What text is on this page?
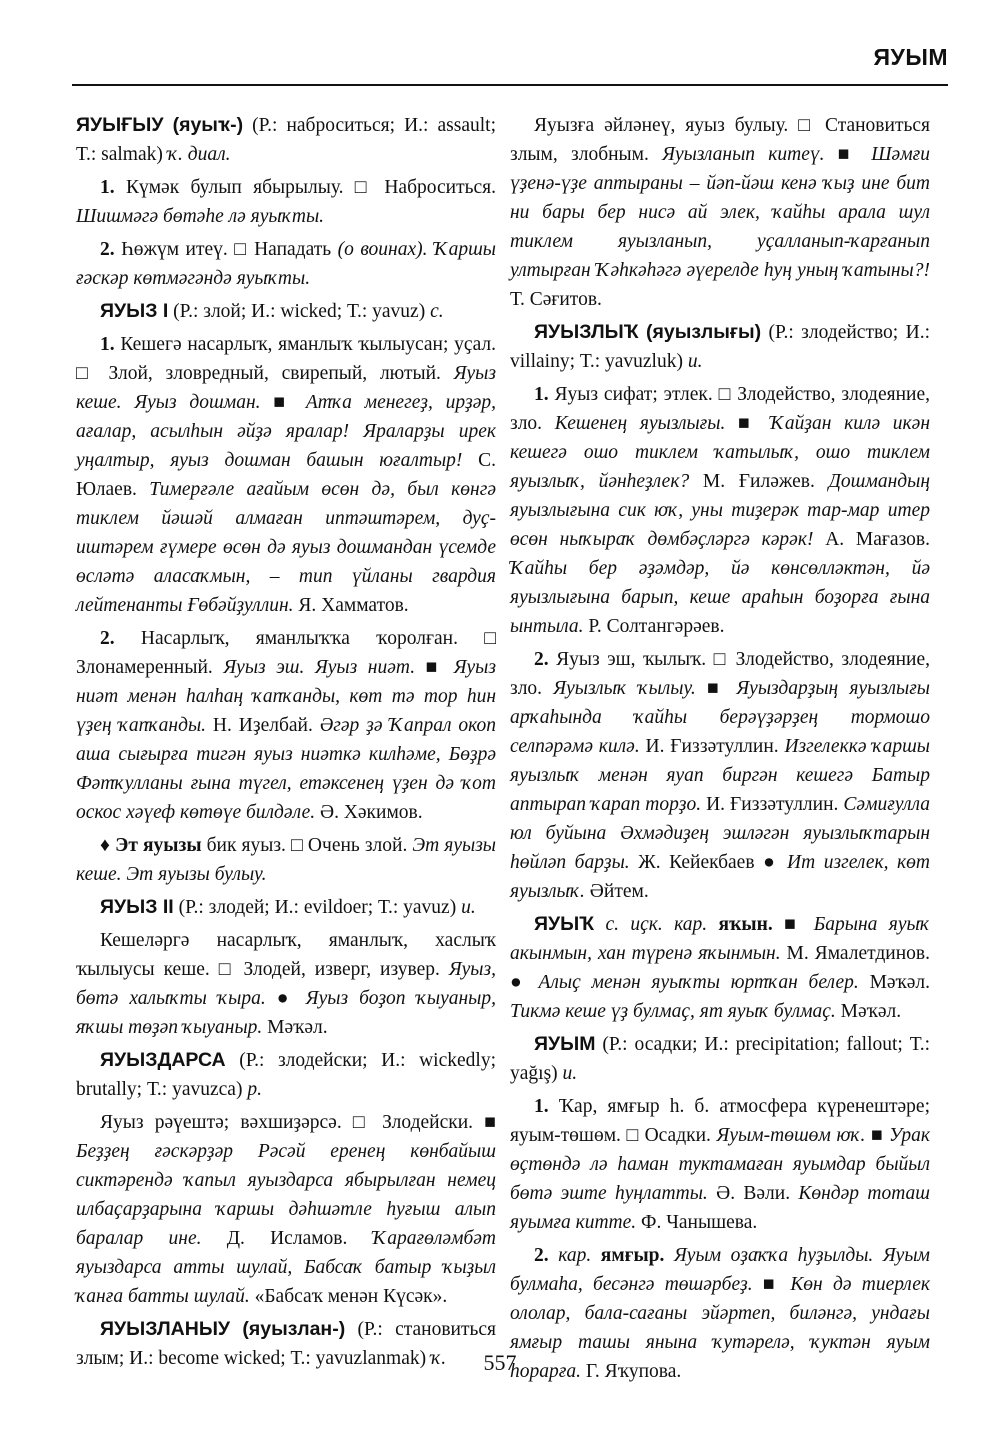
ЯУЫМ

ЯУЫҒЫУ (яуыҡ-) (Р.: наброситься; И.: assault; Т.: salmak) ҡ. диал.

1. Күмәк булып ябырылыу. □ Наброситься. Шишмәгә бөтәһе лә яуыҡты.

2. Һөжүм итеү. □ Нападать (о воинах). Ҡаршы ғәскәр көтмәгәндә яуыҡты.

ЯУЫЗ I (Р.: злой; И.: wicked; Т.: yavuz) с.

1. Кешегә насарлыҡ, яманлыҡ ҡылыусан; уҫал. □ Злой, зловредный, свирепый, лютый. Яуыз кеше. Яуыз дошман. ■ Атҡа менегеҙ, ирҙәр, ағалар, асылһын әйҙә яралар! Яраларҙы ирек уңалтыр, яуыз дошман башын юғалтыр! С. Юлаев. Тимерғәле ағайым өсөн дә, был көнгә тиклем йәшәй алмаған иптәштәрем, дуҫ-иштәрем ғүмере өсөн дә яуыз дошмандан үсемде өсләтә аласаҡмын, – тип үйланы гвардия лейтенанты Ғөбәйҙуллин. Я. Хамматов.

2. Насарлыҡ, яманлыҡҡа ҡоролған. □ Злонамеренный. Яуыз эш. Яуыз ниәт. ■ Яуыз ниәт менән һалһаң ҡапҡанды, көт тә тор һин үҙең ҡапҡанды. Н. Иҙелбай. Әгәр ҙә Ҡапрал окоп аша сығырға тигән яуыз ниәткә килһәме, Бөҙрә Фәтҡулланы ғына түгел, етәксенең үҙен дә ҡот оскос хәүеф көтөүе билдәле. Ә. Хәкимов.

♦ Эт яуызы бик яуыз. □ Очень злой. Эт яуызы кеше. Эт яуызы булыу.

ЯУЫЗ II (Р.: злодей; И.: evildoer; Т.: yavuz) и.

Кешеләргә насарлыҡ, яманлыҡ, хаслыҡ ҡылыусы кеше. □ Злодей, изверг, изувер. Яуыз, бөтә халыҡты ҡыра. ● Яуыз боҙоп ҡыуаныр, яҡшы төҙәп ҡыуаныр. Мәҡәл.

ЯУЫЗДАРСА (Р.: злодейски; И.: wickedly; brutally; Т.: yavuzca) р.

Яуыз рәүештә; вәхшиҙәрсә. □ Злодейски. ■ Беҙҙең ғәскәрҙәр Рәсәй еренең көнбайыш сиктәрендә ҡапыл яуыздарса ябырылған немец илбаҫарҙарына ҡаршы дәһшәтле һуғыш алып баралар ине. Д. Исламов. Ҡарағөләмбәт яуыздарса атты шулай, Бабсаҡ батыр ҡыҙыл ҡанға батты шулай. «Бабсаҡ менән Күсәк».

ЯУЫЗЛАНЫУ (яуызлан-) (Р.: становиться злым; И.: become wicked; Т.: yavuzlanmak) ҡ.

Яуызға әйләнеү, яуыз булыу. □ Становиться злым, злобным. Яуызланып китеү. ■ Шәмғи үҙенә-үҙе аптыраны – йәп-йәш кенә ҡыҙ ине бит ни бары бер нисә ай элек, ҡайһы арала шул тиклем яуызланып, уҫалланып-ҡарғанып ултырған Ҡәһкәһәгә әүерелде һуң уның ҡатыны?! Т. Сәғитов.

ЯУЫЗЛЫҠ (яуызлығы) (Р.: злодейство; И.: villainy; Т.: yavuzluk) и.

1. Яуыз сифат; этлек. □ Злодейство, злодеяние, зло. Кешенең яуызлығы. ■ Ҡайҙан килә икән кешегә ошо тиклем ҡатылыҡ, ошо тиклем яуызлыҡ, йәнһеҙлек? М. Ғиләжев. Дошмандың яуызлығына сик юҡ, уны тиҙерәк тар-мар итер өсөн ныҡыраҡ дөмбәҫләргә кәрәк! А. Мағазов. Ҡайһы бер әҙәмдәр, йә көнсөлләктән, йә яуызлығына барып, кеше араһын боҙорға ғына ынтыла. Р. Солтангәрәев.

2. Яуыз эш, ҡылыҡ. □ Злодейство, злодеяние, зло. Яуызлыҡ ҡылыу. ■ Яуыздарҙың яуызлығы арҡаһында ҡайһы берәүҙәрҙең тормошо селпәрәмә килә. И. Ғиззәтуллин. Изгелеккә ҡаршы яуызлыҡ менән яуап биргән кешегә Батыр аптырап ҡарап торҙо. И. Ғиззәтуллин. Сәмиғулла юл буйына Әхмәдиҙең эшләгән яуызлыҡтарын һөйләп барҙы. Ж. Кейекбаев ● Ит изгелек, көт яуызлыҡ. Әйтем.

ЯУЫҠ с. иҫк. кар. яҡын. ■ Барына яуыҡ акынмын, хан түренә яҡынмын. М. Ямалетдинов. ● Алыҫ менән яуыҡты юртҡан белер. Мәҡәл. Тикмә кеше үҙ булмаҫ, ят яуыҡ булмаҫ. Мәҡәл.

ЯУЫМ (Р.: осадки; И.: precipitation; fallout; Т.: yağış) и.

1. Ҡар, ямғыр һ. б. атмосфера күренештәре; яуым-төшөм. □ Осадки. Яуым-төшөм юҡ. ■ Урак өҫтөндә лә һаман туктамаған яуымдар быйыл бөтә эште һуңлатты. Ә. Вәли. Көндәр тоташ яуымға китте. Ф. Чанышева.

2. кар. ямғыр. Яуым оҙаҡҡа һуҙылды. Яуым булмаһа, бесәнгә төшәрбеҙ. ■ Көн дә тиерлек ололар, бала-сағаны эйәртеп, биләнгә, ундағы ямғыр ташы янына ҡутәрелә, ҡуктән яуым һорарға. Г. Яҡупова.

557
